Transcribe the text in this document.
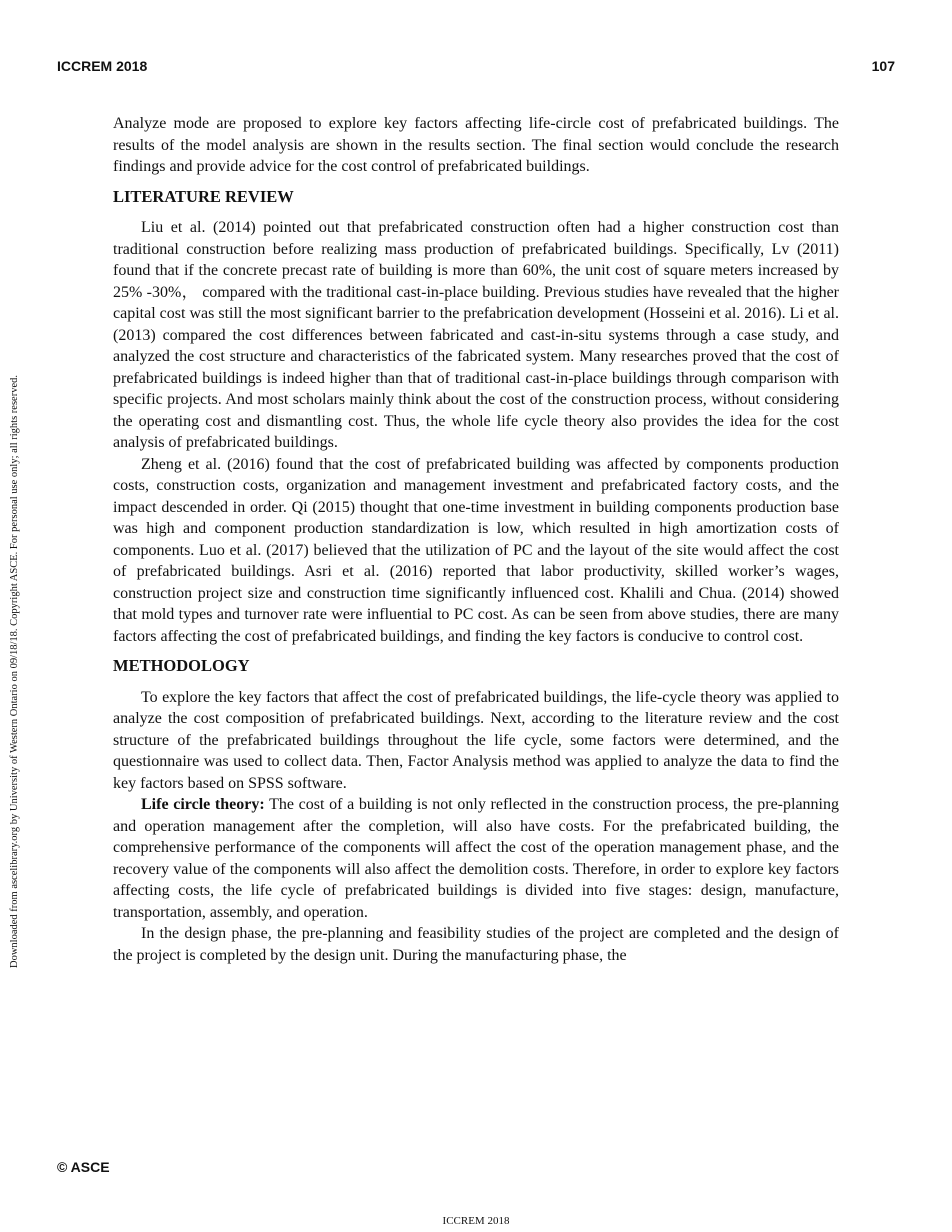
ICCREM 2018	107
Downloaded from ascelibrary.org by University of Western Ontario on 09/18/18. Copyright ASCE. For personal use only; all rights reserved.

Analyze mode are proposed to explore key factors affecting life-circle cost of prefabricated buildings. The results of the model analysis are shown in the results section. The final section would conclude the research findings and provide advice for the cost control of prefabricated buildings.

LITERATURE REVIEW

Liu et al. (2014) pointed out that prefabricated construction often had a higher construction cost than traditional construction before realizing mass production of prefabricated buildings. Specifically, Lv (2011) found that if the concrete precast rate of building is more than 60%, the unit cost of square meters increased by 25% -30%， compared with the traditional cast-in-place building. Previous studies have revealed that the higher capital cost was still the most significant barrier to the prefabrication development (Hosseini et al. 2016). Li et al. (2013) compared the cost differences between fabricated and cast-in-situ systems through a case study, and analyzed the cost structure and characteristics of the fabricated system. Many researches proved that the cost of prefabricated buildings is indeed higher than that of traditional cast-in-place buildings through comparison with specific projects. And most scholars mainly think about the cost of the construction process, without considering the operating cost and dismantling cost. Thus, the whole life cycle theory also provides the idea for the cost analysis of prefabricated buildings.

Zheng et al. (2016) found that the cost of prefabricated building was affected by components production costs, construction costs, organization and management investment and prefabricated factory costs, and the impact descended in order. Qi (2015) thought that one-time investment in building components production base was high and component production standardization is low, which resulted in high amortization costs of components. Luo et al. (2017) believed that the utilization of PC and the layout of the site would affect the cost of prefabricated buildings. Asri et al. (2016) reported that labor productivity, skilled worker’s wages, construction project size and construction time significantly influenced cost. Khalili and Chua. (2014) showed that mold types and turnover rate were influential to PC cost. As can be seen from above studies, there are many factors affecting the cost of prefabricated buildings, and finding the key factors is conducive to control cost.

METHODOLOGY

To explore the key factors that affect the cost of prefabricated buildings, the life-cycle theory was applied to analyze the cost composition of prefabricated buildings. Next, according to the literature review and the cost structure of the prefabricated buildings throughout the life cycle, some factors were determined, and the questionnaire was used to collect data. Then, Factor Analysis method was applied to analyze the data to find the key factors based on SPSS software.

Life circle theory: The cost of a building is not only reflected in the construction process, the pre-planning and operation management after the completion, will also have costs. For the prefabricated building, the comprehensive performance of the components will affect the cost of the operation management phase, and the recovery value of the components will also affect the demolition costs. Therefore, in order to explore key factors affecting costs, the life cycle of prefabricated buildings is divided into five stages: design, manufacture, transportation, assembly, and operation.

In the design phase, the pre-planning and feasibility studies of the project are completed and the design of the project is completed by the design unit. During the manufacturing phase, the

© ASCE
ICCREM 2018
